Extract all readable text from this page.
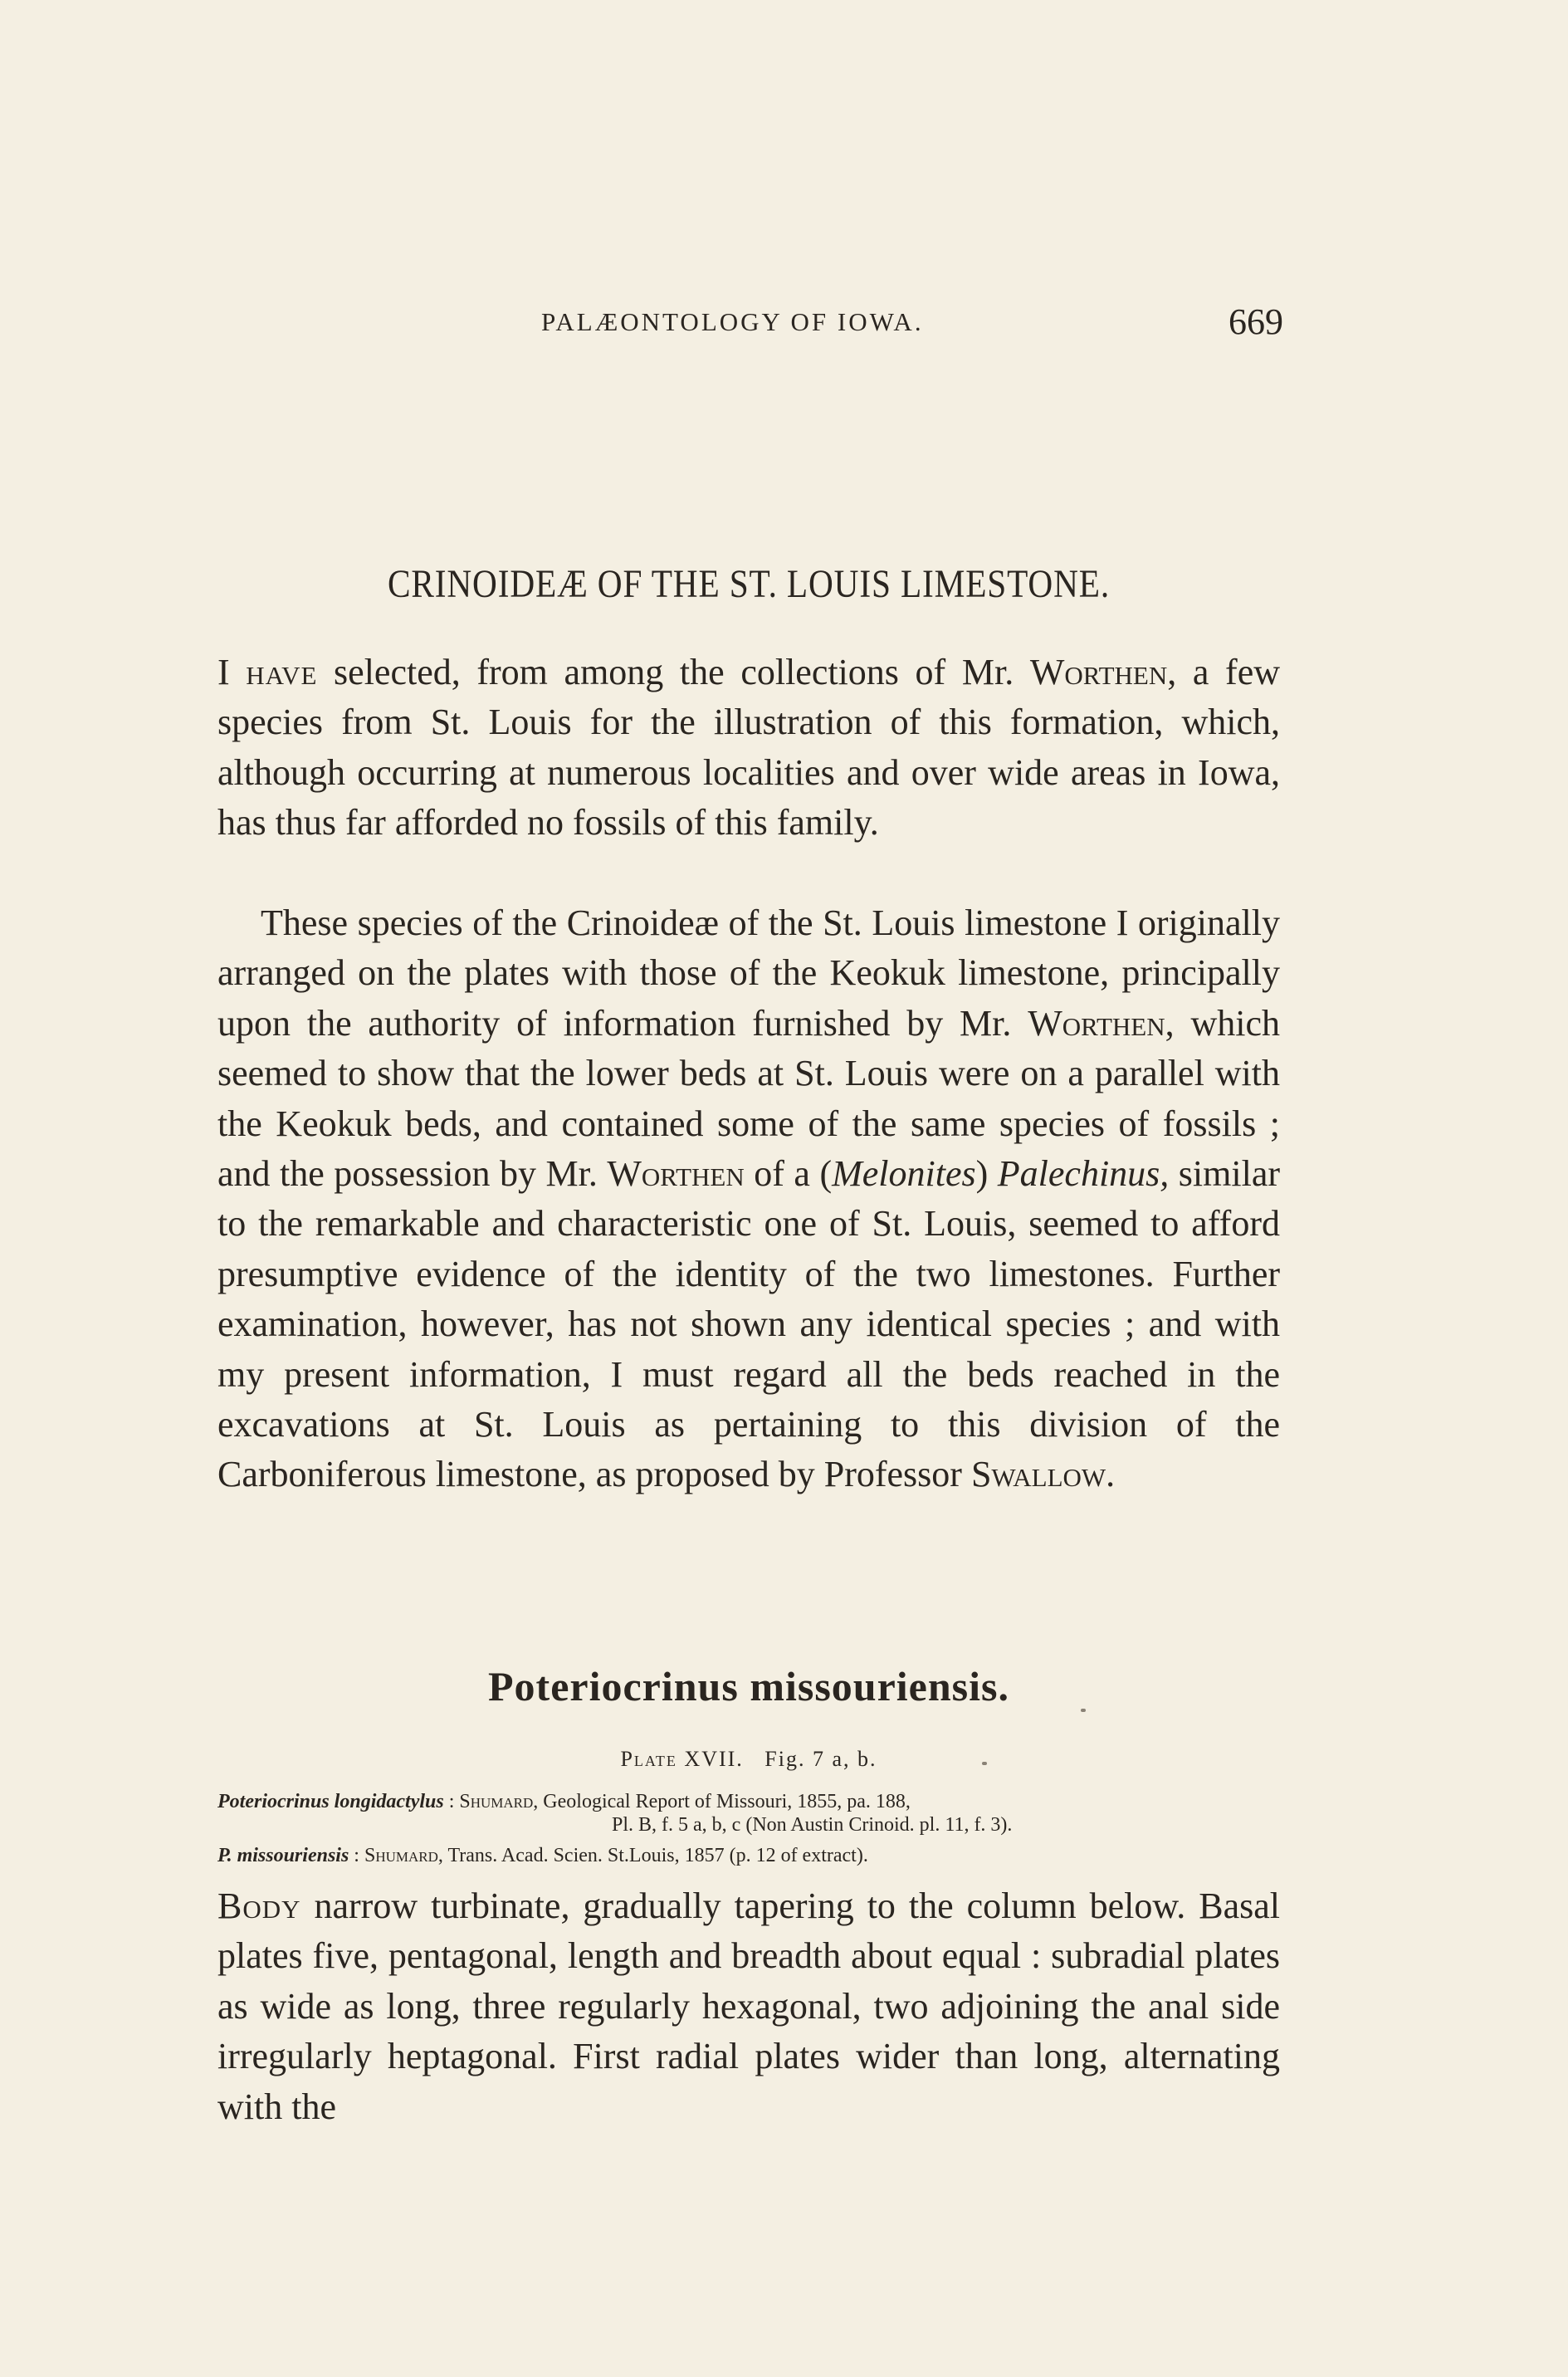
PALÆONTOLOGY OF IOWA.	669
CRINOIDEÆ OF THE ST. LOUIS LIMESTONE.

I have selected, from among the collections of Mr. Worthen, a few species from St. Louis for the illustration of this formation, which, although occurring at numerous localities and over wide areas in Iowa, has thus far afforded no fossils of this family.

These species of the Crinoideæ of the St. Louis limestone I originally arranged on the plates with those of the Keokuk limestone, principally upon the authority of information furnished by Mr. Worthen, which seemed to show that the lower beds at St. Louis were on a parallel with the Keokuk beds, and contained some of the same species of fossils ; and the possession by Mr. Worthen of a (Melonites) Palechinus, similar to the remarkable and characteristic one of St. Louis, seemed to afford presumptive evidence of the identity of the two limestones. Further examination, however, has not shown any identical species ; and with my present information, I must regard all the beds reached in the excavations at St. Louis as pertaining to this division of the Carboniferous limestone, as proposed by Professor Swallow.

Poteriocrinus missouriensis.
Plate XVII. Fig. 7 a, b.
Poteriocrinus longidactylus : Shumard, Geological Report of Missouri, 1855, pa. 188,
Pl. B, f. 5 a, b, c (Non Austin Crinoid. pl. 11, f. 3).
P. missouriensis : Shumard, Trans. Acad. Scien. St.Louis, 1857 (p. 12 of extract).

Body narrow turbinate, gradually tapering to the column below. Basal plates five, pentagonal, length and breadth about equal : subradial plates as wide as long, three regularly hexagonal, two adjoining the anal side irregularly heptagonal. First radial plates wider than long, alternating with the
